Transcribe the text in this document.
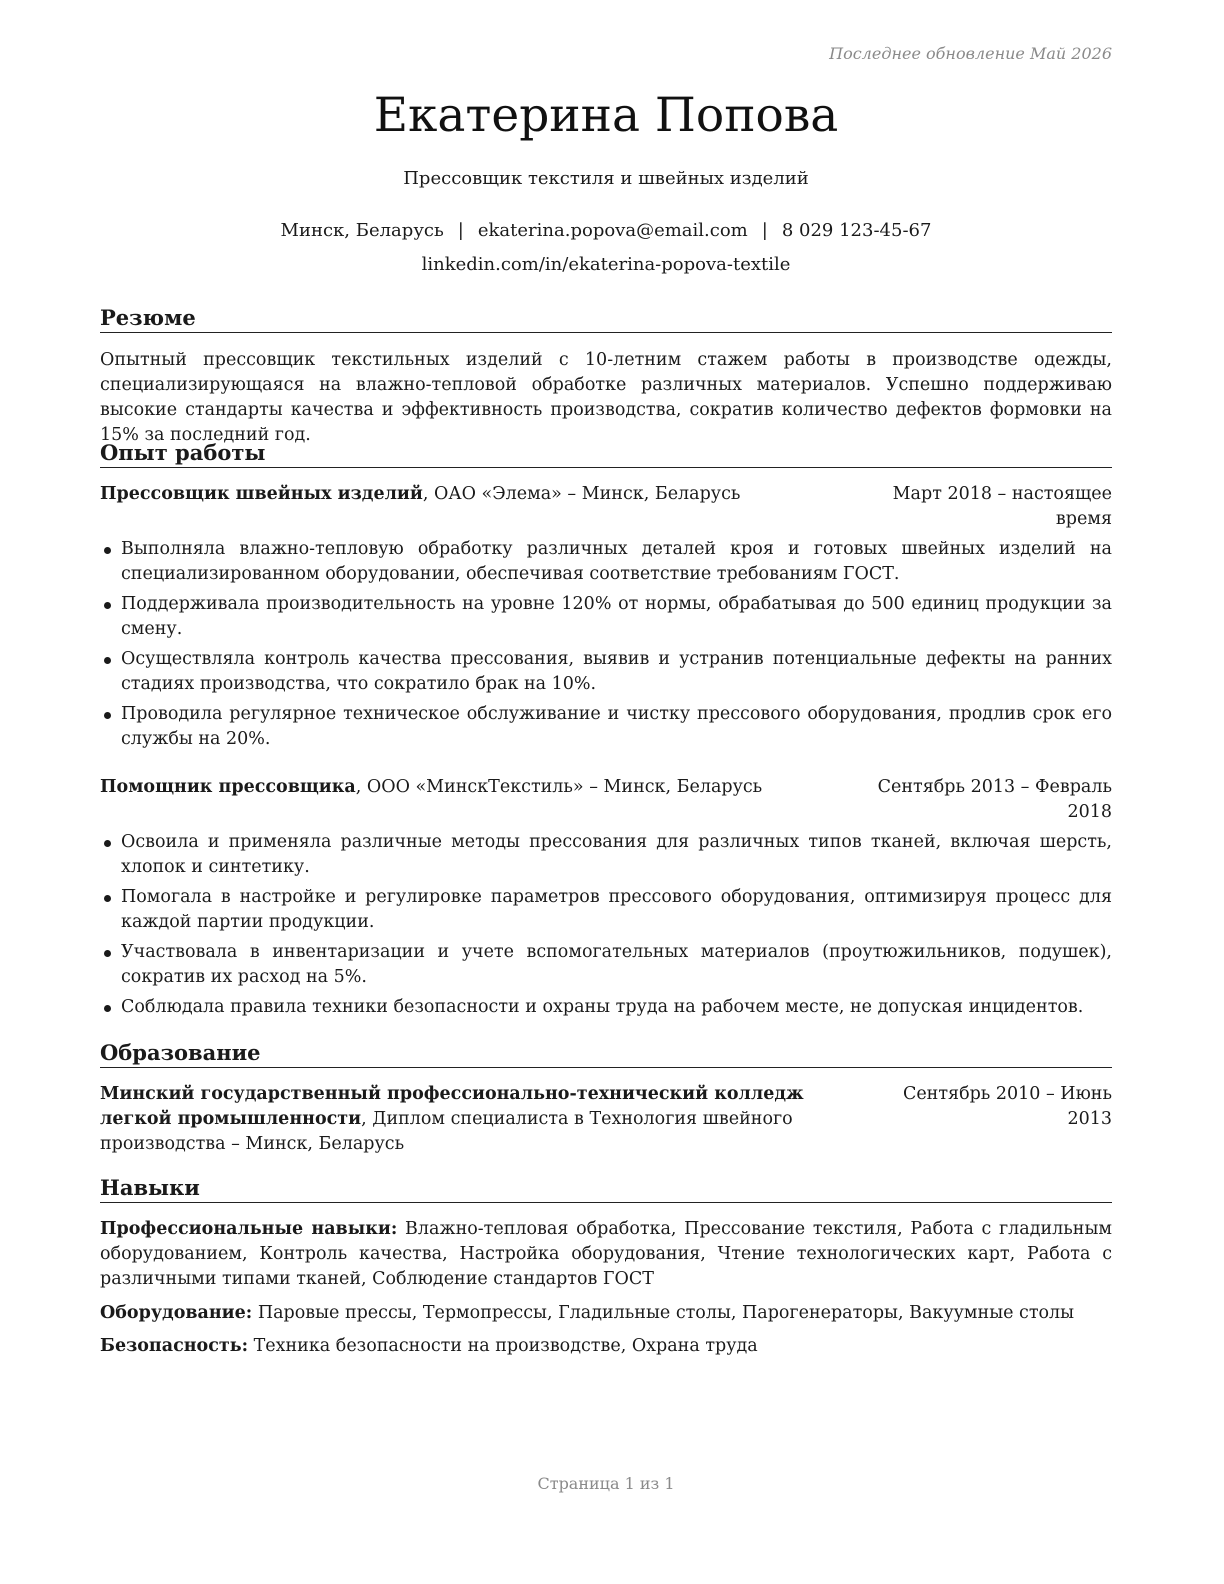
Последнее обновление Май 2026
Екатерина Попова
Прессовщик текстиля и швейных изделий
Минск, Беларусь | ekaterina.popova@email.com | 8 029 123-45-67
linkedin.com/in/ekaterina-popova-textile
Резюме
Опытный прессовщик текстильных изделий с 10-летним стажем работы в производстве одежды, специализирующаяся на влажно-тепловой обработке различных материалов. Успешно поддерживаю высокие стандарты качества и эффективность производства, сократив количество дефектов формовки на 15% за последний год.
Опыт работы
Прессовщик швейных изделий, ОАО «Элема» – Минск, Беларусь	Март 2018 – настоящее время
Выполняла влажно-тепловую обработку различных деталей кроя и готовых швейных изделий на специализированном оборудовании, обеспечивая соответствие требованиям ГОСТ.
Поддерживала производительность на уровне 120% от нормы, обрабатывая до 500 единиц продукции за смену.
Осуществляла контроль качества прессования, выявив и устранив потенциальные дефекты на ранних стадиях производства, что сократило брак на 10%.
Проводила регулярное техническое обслуживание и чистку прессового оборудования, продлив срок его службы на 20%.
Помощник прессовщика, ООО «МинскТекстиль» – Минск, Беларусь	Сентябрь 2013 – Февраль 2018
Освоила и применяла различные методы прессования для различных типов тканей, включая шерсть, хлопок и синтетику.
Помогала в настройке и регулировке параметров прессового оборудования, оптимизируя процесс для каждой партии продукции.
Участвовала в инвентаризации и учете вспомогательных материалов (проутюжильников, подушек), сократив их расход на 5%.
Соблюдала правила техники безопасности и охраны труда на рабочем месте, не допуская инцидентов.
Образование
Минский государственный профессионально-технический колледж легкой промышленности, Диплом специалиста в Технология швейного производства – Минск, Беларусь
Сентябрь 2010 – Июнь 2013
Навыки
Профессиональные навыки: Влажно-тепловая обработка, Прессование текстиля, Работа с гладильным оборудованием, Контроль качества, Настройка оборудования, Чтение технологических карт, Работа с различными типами тканей, Соблюдение стандартов ГОСТ
Оборудование: Паровые прессы, Термопрессы, Гладильные столы, Парогенераторы, Вакуумные столы
Безопасность: Техника безопасности на производстве, Охрана труда
Страница 1 из 1
